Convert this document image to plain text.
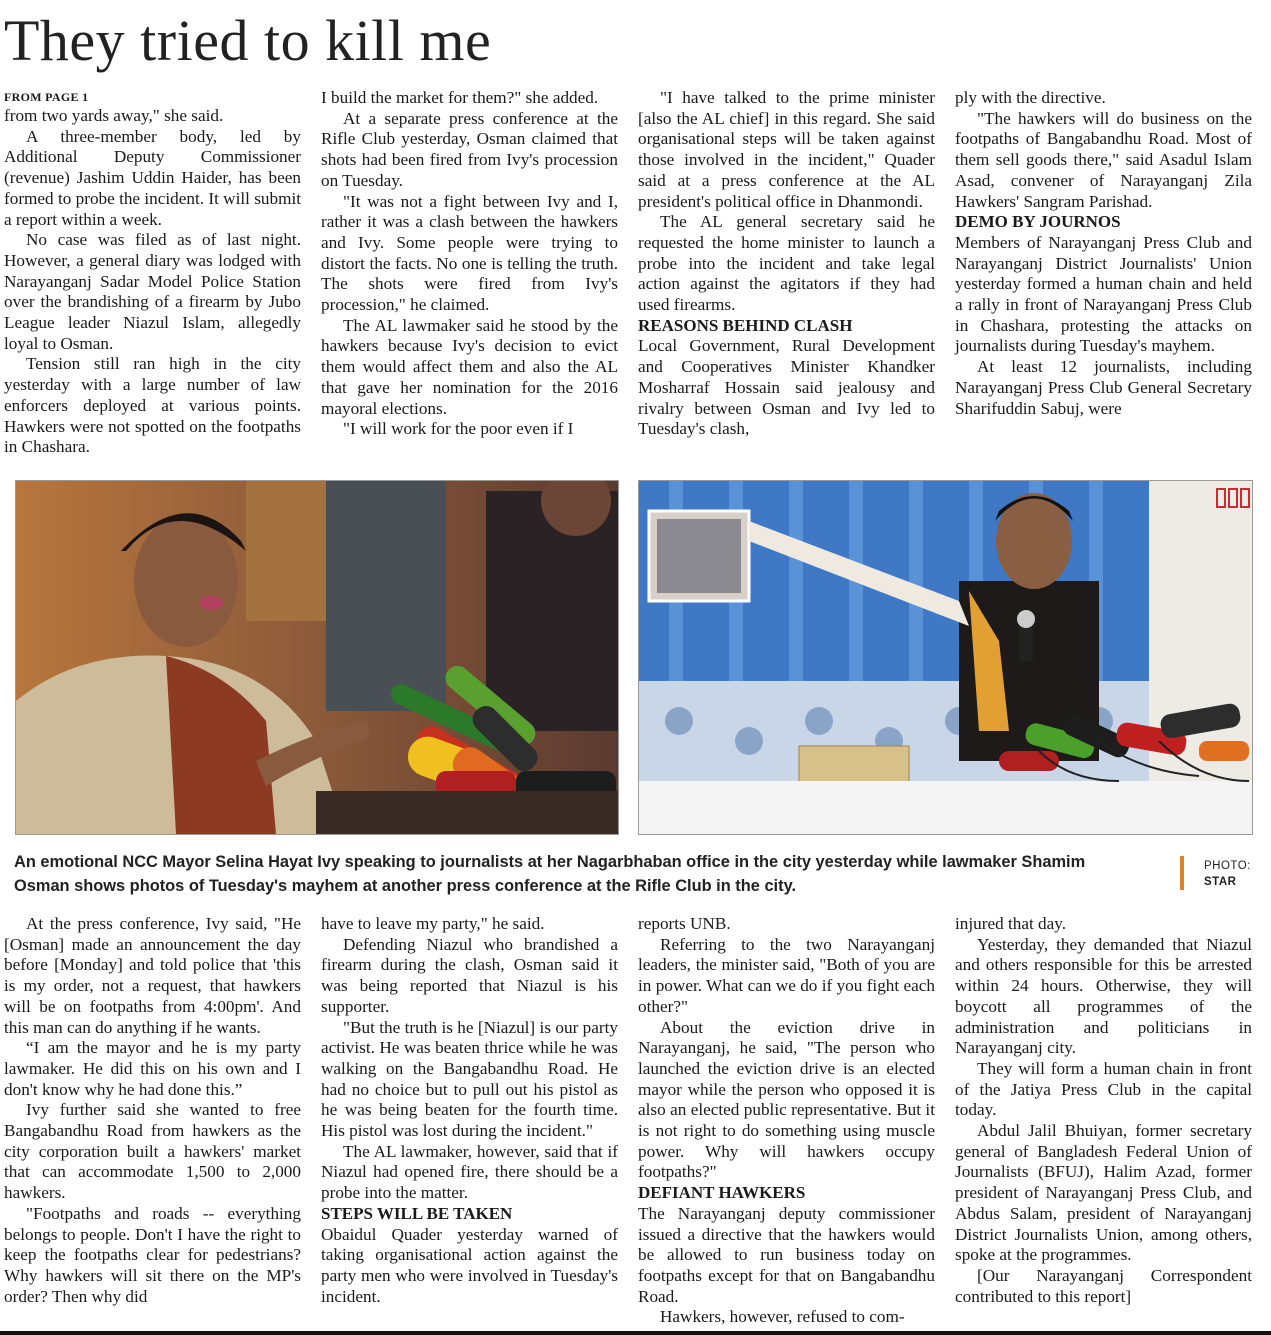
They tried to kill me

FROM PAGE 1

from two yards away," she said.

A three-member body, led by Additional Deputy Commissioner (revenue) Jashim Uddin Haider, has been formed to probe the incident. It will submit a report within a week.

No case was filed as of last night. However, a general diary was lodged with Narayanganj Sadar Model Police Station over the brandishing of a firearm by Jubo League leader Niazul Islam, allegedly loyal to Osman.

Tension still ran high in the city yesterday with a large number of law enforcers deployed at various points. Hawkers were not spotted on the footpaths in Chashara.

I build the market for them?" she added.

At a separate press conference at the Rifle Club yesterday, Osman claimed that shots had been fired from Ivy's procession on Tuesday.

"It was not a fight between Ivy and I, rather it was a clash between the hawkers and Ivy. Some people were trying to distort the facts. No one is telling the truth. The shots were fired from Ivy's procession," he claimed.

The AL lawmaker said he stood by the hawkers because Ivy's decision to evict them would affect them and also the AL that gave her nomination for the 2016 mayoral elections.

"I will work for the poor even if I

"I have talked to the prime minister [also the AL chief] in this regard. She said organisational steps will be taken against those involved in the incident," Quader said at a press conference at the AL president's political office in Dhanmondi.

The AL general secretary said he requested the home minister to launch a probe into the incident and take legal action against the agitators if they had used firearms.

REASONS BEHIND CLASH

Local Government, Rural Development and Cooperatives Minister Khandker Mosharraf Hossain said jealousy and rivalry between Osman and Ivy led to Tuesday's clash,

ply with the directive.

"The hawkers will do business on the footpaths of Bangabandhu Road. Most of them sell goods there," said Asadul Islam Asad, convener of Narayanganj Zila Hawkers' Sangram Parishad.

DEMO BY JOURNOS

Members of Narayanganj Press Club and Narayanganj District Journalists' Union yesterday formed a human chain and held a rally in front of Narayanganj Press Club in Chashara, protesting the attacks on journalists during Tuesday's mayhem.

At least 12 journalists, including Narayanganj Press Club General Secretary Sharifuddin Sabuj, were

An emotional NCC Mayor Selina Hayat Ivy speaking to journalists at her Nagarbhaban office in the city yesterday while lawmaker Shamim Osman shows photos of Tuesday's mayhem at another press conference at the Rifle Club in the city.

PHOTO:
STAR

At the press conference, Ivy said, "He [Osman] made an announcement the day before [Monday] and told police that 'this is my order, not a request, that hawkers will be on footpaths from 4:00pm'. And this man can do anything if he wants.

“I am the mayor and he is my party lawmaker. He did this on his own and I don't know why he had done this.”

Ivy further said she wanted to free Bangabandhu Road from hawkers as the city corporation built a hawkers' market that can accommodate 1,500 to 2,000 hawkers.

"Footpaths and roads -- everything belongs to people. Don't I have the right to keep the footpaths clear for pedestrians? Why hawkers will sit there on the MP's order? Then why did

have to leave my party," he said.

Defending Niazul who brandished a firearm during the clash, Osman said it was being reported that Niazul is his supporter.

"But the truth is he [Niazul] is our party activist. He was beaten thrice while he was walking on the Bangabandhu Road. He had no choice but to pull out his pistol as he was being beaten for the fourth time. His pistol was lost during the incident."

The AL lawmaker, however, said that if Niazul had opened fire, there should be a probe into the matter.

STEPS WILL BE TAKEN

Obaidul Quader yesterday warned of taking organisational action against the party men who were involved in Tuesday's incident.

reports UNB.

Referring to the two Narayanganj leaders, the minister said, "Both of you are in power. What can we do if you fight each other?"

About the eviction drive in Narayanganj, he said, "The person who launched the eviction drive is an elected mayor while the person who opposed it is also an elected public representative. But it is not right to do something using muscle power. Why will hawkers occupy footpaths?"

DEFIANT HAWKERS

The Narayanganj deputy commissioner issued a directive that the hawkers would be allowed to run business today on footpaths except for that on Bangabandhu Road.

Hawkers, however, refused to com-

injured that day.

Yesterday, they demanded that Niazul and others responsible for this be arrested within 24 hours. Otherwise, they will boycott all programmes of the administration and politicians in Narayanganj city.

They will form a human chain in front of the Jatiya Press Club in the capital today.

Abdul Jalil Bhuiyan, former secretary general of Bangladesh Federal Union of Journalists (BFUJ), Halim Azad, former president of Narayanganj Press Club, and Abdus Salam, president of Narayanganj District Journalists Union, among others, spoke at the programmes.

[Our Narayanganj Correspondent contributed to this report]
